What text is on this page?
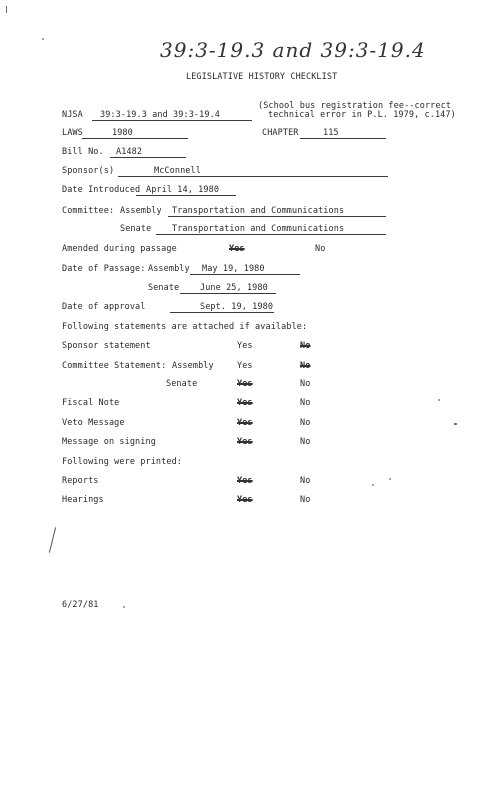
39:3-19.3 and 39:3-19.4
LEGISLATIVE HISTORY CHECKLIST
NJSA 39:3-19.3 and 39:3-19.4
(School bus registration fee--correct
technical error in P.L. 1979, c.147)
LAWS	1980	CHAPTER	115
Bill No. A1482
Sponsor(s)	McConnell
Date Introduced April 14, 1980
Committee: Assembly Transportation and Communications
Senate Transportation and Communications
Amended during passage	Yes	No
Date of Passage: Assembly May 19, 1980
Senate June 25, 1980
Date of approval	Sept. 19, 1980
Following statements are attached if available:
Sponsor statement	Yes	No
Committee Statement: Assembly	Yes	No
Senate	Yes	No
Fiscal Note	Yes	No
Veto Message	Yes	No
Message on signing	Yes	No
Following were printed:
Reports	Yes	No
Hearings	Yes	No
6/27/81
